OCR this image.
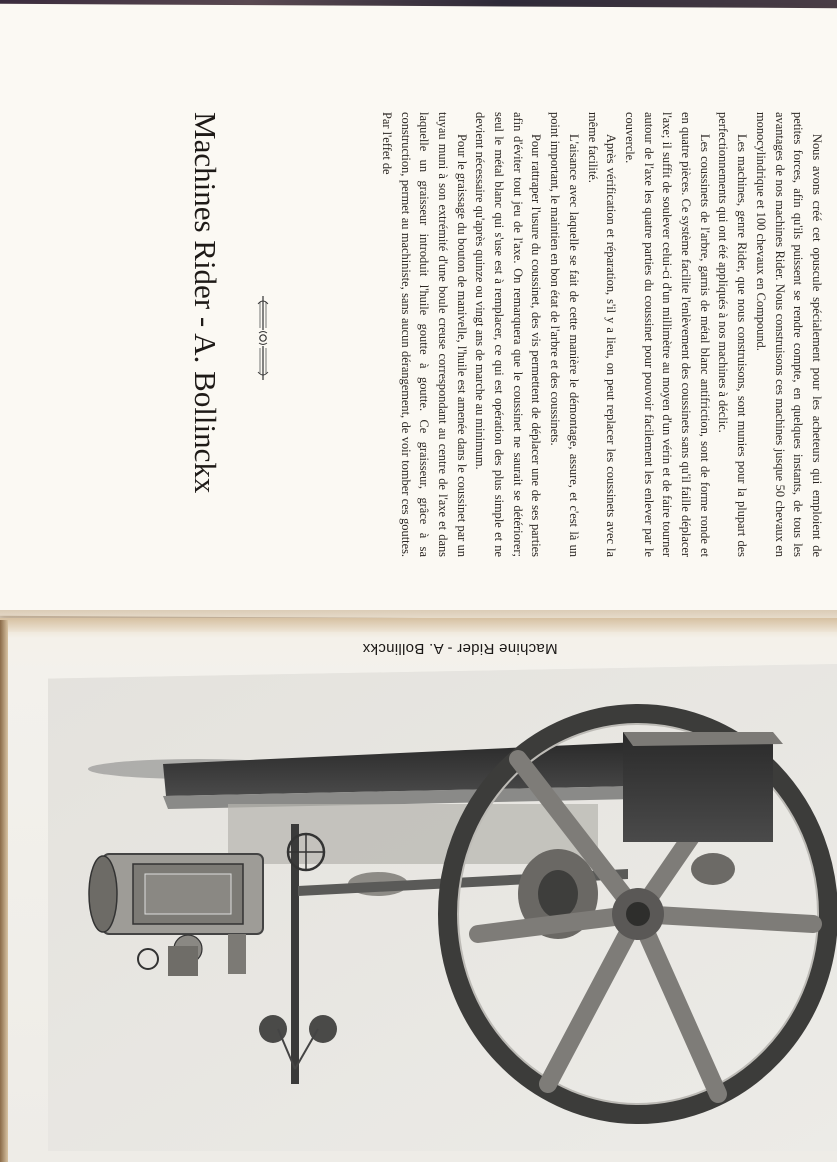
Machines Rider - A. Bollinckx	Nous avons créé cet opuscule spécialement pour les acheteurs qui emploient de petites forces, afin qu'ils puissent se rendre compte, en quelques instants, de tous les avantages de nos machines Rider. Nous construisons ces machines jusque 50 chevaux en monocylindrique et 100 chevaux en Compound.

Les machines, genre Rider, que nous construisons, sont munies pour la plupart des perfectionnements qui ont été appliqués à nos machines à déclic.

Les coussinets de l'arbre, garnis de métal blanc antifriction, sont de forme ronde et en quatre pièces. Ce système facilite l'enlèvement des coussinets sans qu'il faille déplacer l'axe; il suffit de soulever celui-ci d'un millimètre au moyen d'un vérin et de faire tourner autour de l'axe les quatre parties du coussinet pour pouvoir facilement les enlever par le couvercle.

Après vérification et réparation, s'il y a lieu, on peut replacer les coussinets avec la même facilité.

L'aisance avec laquelle se fait de cette manière le démontage, assure, et c'est là un point important, le maintien en bon état de l'arbre et des coussinets.

Pour rattraper l'usure du coussinet, des vis permettent de déplacer une de ses parties afin d'éviter tout jeu de l'axe. On remarquera que le coussinet ne saurait se détériorer; seul le métal blanc qui s'use est à remplacer, ce qui est opération des plus simple et ne devient nécessaire qu'après quinze ou vingt ans de marche au minimum.

Pour le graissage du bouton de manivelle, l'huile est amenée dans le coussinet par un tuyau muni à son extrémité d'une boule creuse correspondant au centre de l'axe et dans laquelle un graisseur introduit l'huile goutte à goutte. Ce graisseur, grâce à sa construction, permet au machiniste, sans aucun dérangement, de voir tomber ces gouttes. Par l'effet de

Machine Rider - A. Bollinckx
